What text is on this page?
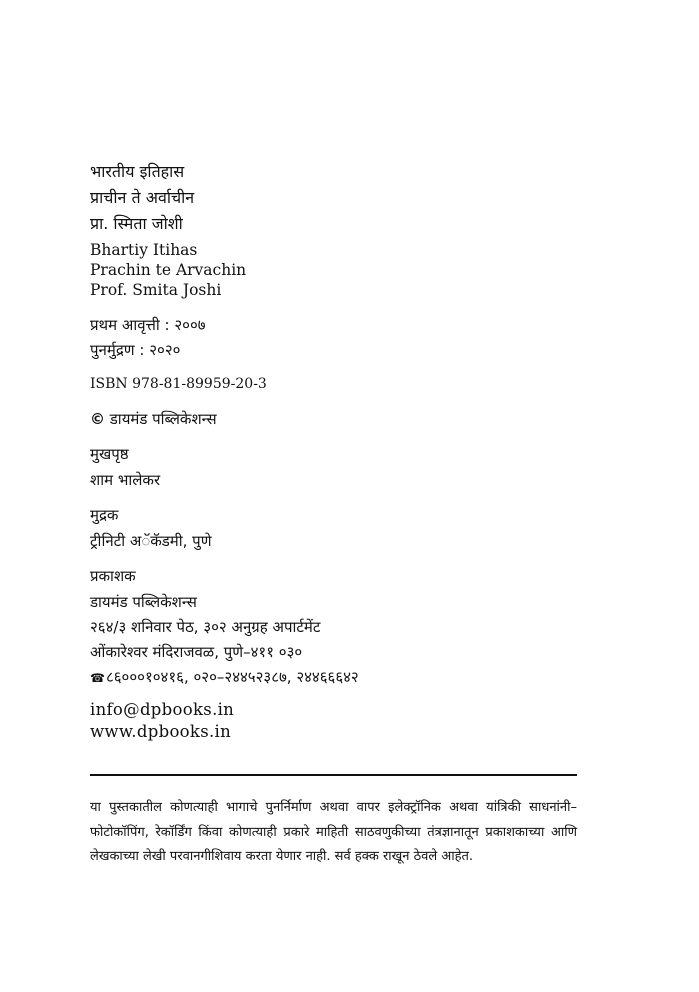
भारतीय इतिहास
प्राचीन ते अर्वाचीन
प्रा. स्मिता जोशी
Bhartiy Itihas
Prachin te Arvachin
Prof. Smita Joshi
प्रथम आवृत्ती : २००७
पुनर्मुद्रण : २०२०
ISBN 978-81-89959-20-3
© डायमंड पब्लिकेशन्स
मुखपृष्ठ
शाम भालेकर
मुद्रक
ट्रीनिटी अॅकॅडमी, पुणे
प्रकाशक
डायमंड पब्लिकेशन्स
२६४/३ शनिवार पेठ, ३०२ अनुग्रह अपार्टमेंट
ओंकारेश्वर मंदिराजवळ, पुणे–४११ ०३०
☎८६०००१०४१६, ०२०–२४४५२३८७, २४४६६६४२
info@dpbooks.in
www.dpbooks.in
या पुस्तकातील कोणत्याही भागाचे पुनर्निर्माण अथवा वापर इलेक्ट्रॉनिक अथवा यांत्रिकी साधनांनी–फोटोकॉपिंग, रेकॉर्डिंग किंवा कोणत्याही प्रकारे माहिती साठवणुकीच्या तंत्रज्ञानातून प्रकाशकाच्या आणि लेखकाच्या लेखी परवानगीशिवाय करता येणार नाही. सर्व हक्क राखून ठेवले आहेत.
